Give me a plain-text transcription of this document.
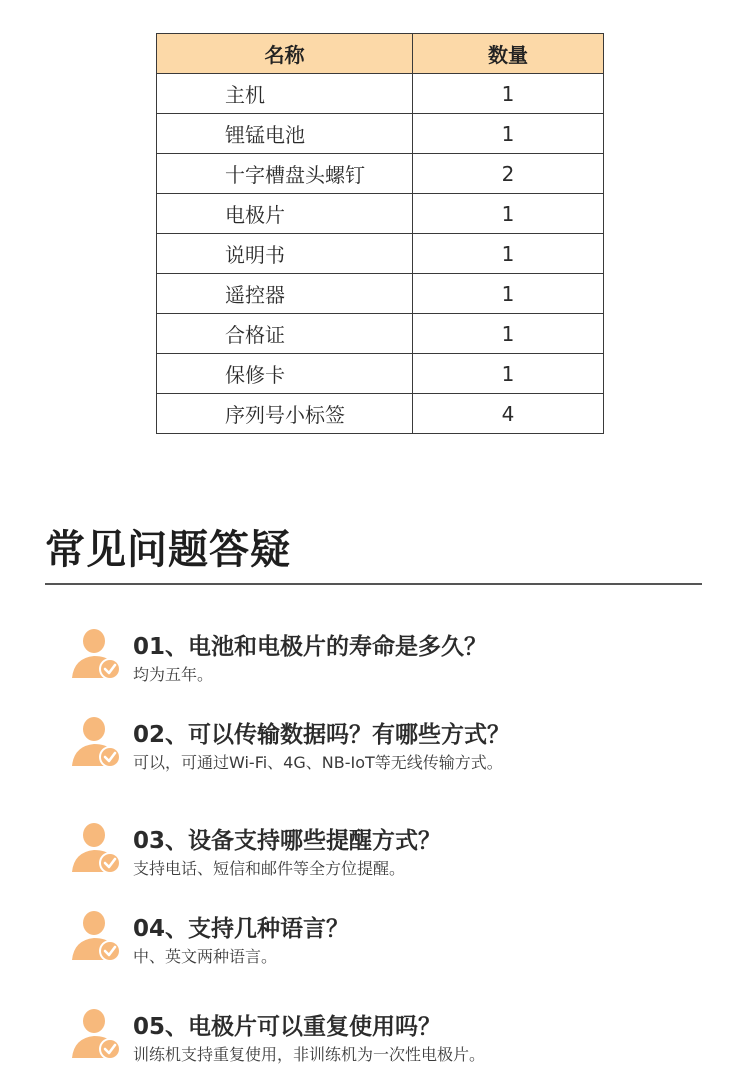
名称	数量
主机	1
锂锰电池	1
十字槽盘头螺钉	2
电极片	1
说明书	1
遥控器	1
合格证	1
保修卡	1
序列号小标签	4
常见问题答疑

01、电池和电极片的寿命是多久？

均为五年。

02、可以传输数据吗？有哪些方式？

可以，可通过Wi-Fi、4G、NB-IoT等无线传输方式。

03、设备支持哪些提醒方式？

支持电话、短信和邮件等全方位提醒。

04、支持几种语言？

中、英文两种语言。

05、电极片可以重复使用吗？

训练机支持重复使用，非训练机为一次性电极片。
